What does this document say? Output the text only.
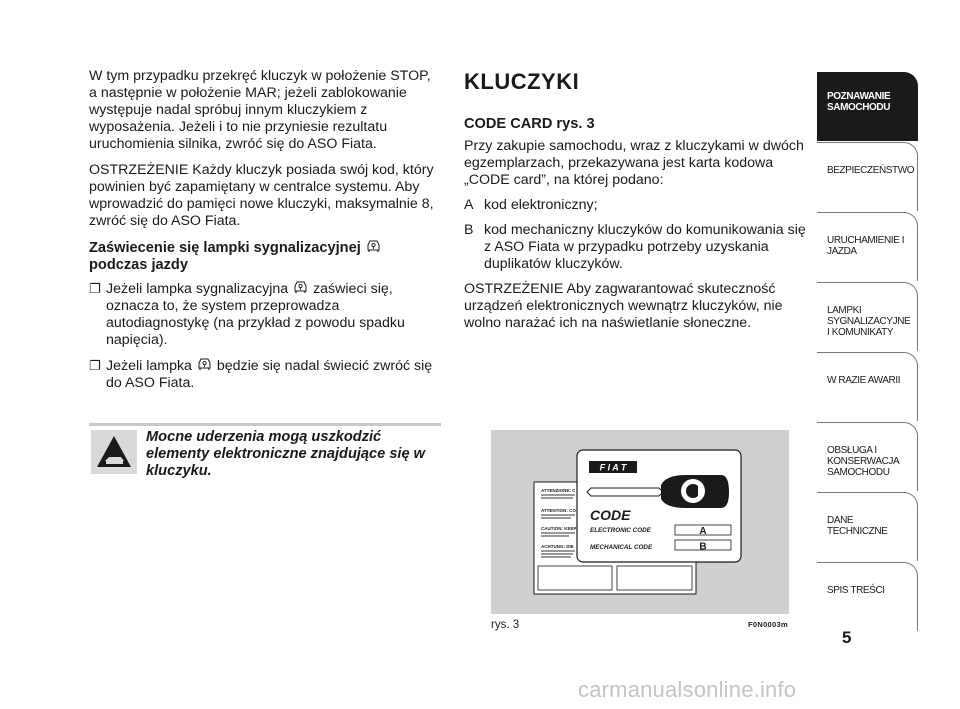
W tym przypadku przekręć kluczyk w położenie STOP, a następnie w położenie MAR; jeżeli zablokowanie występuje nadal spróbuj innym kluczykiem z wyposażenia. Jeżeli i to nie przyniesie rezultatu uruchomienia silnika, zwróć się do ASO Fiata.

OSTRZEŻENIE Każdy kluczyk posiada swój kod, który powinien być zapamiętany w centralce systemu. Aby wprowadzić do pamięci nowe kluczyki, maksymalnie 8, zwróć się do ASO Fiata.

Zaświecenie się lampki sygnalizacyjnej
podczas jazdy
❐ Jeżeli lampka sygnalizacyjna zaświeci się, oznacza to, że system przeprowadza autodiagnostykę (na przykład z powodu spadku napięcia).
❐ Jeżeli lampka będzie się nadal świecić zwróć się do ASO Fiata.
Mocne uderzenia mogą uszkodzić elementy elektroniczne znajdujące się w kluczyku.
KLUCZYKI
CODE CARD rys. 3

Przy zakupie samochodu, wraz z kluczykami w dwóch egzemplarzach, przekazywana jest karta kodowa „CODE card”, na której podano:

A kod elektroniczny;
B kod mechaniczny kluczyków do komunikowania się z ASO Fiata w przypadku potrzeby uzyskania duplikatów kluczyków.

OSTRZEŻENIE Aby zagwarantować skuteczność urządzeń elektronicznych wewnątrz kluczyków, nie wolno narażać ich na naświetlanie słoneczne.

ATTENZIONE: C
ATTENTION: CO
CAUTION: KEEP
ACHTUNG: DIE
F I A T
CODE
ELECTRONIC CODE	A
MECHANICAL CODE	B
rys. 3	F0N0003m
POZNAWANIE SAMOCHODU
BEZPIECZEŃSTWO
URUCHAMIENIE I JAZDA
LAMPKI SYGNALIZACYJNE I KOMUNIKATY
W RAZIE AWARII
OBSŁUGA I KONSERWACJA SAMOCHODU
DANE TECHNICZNE
SPIS TREŚCI
5
carmanualsonline.info
